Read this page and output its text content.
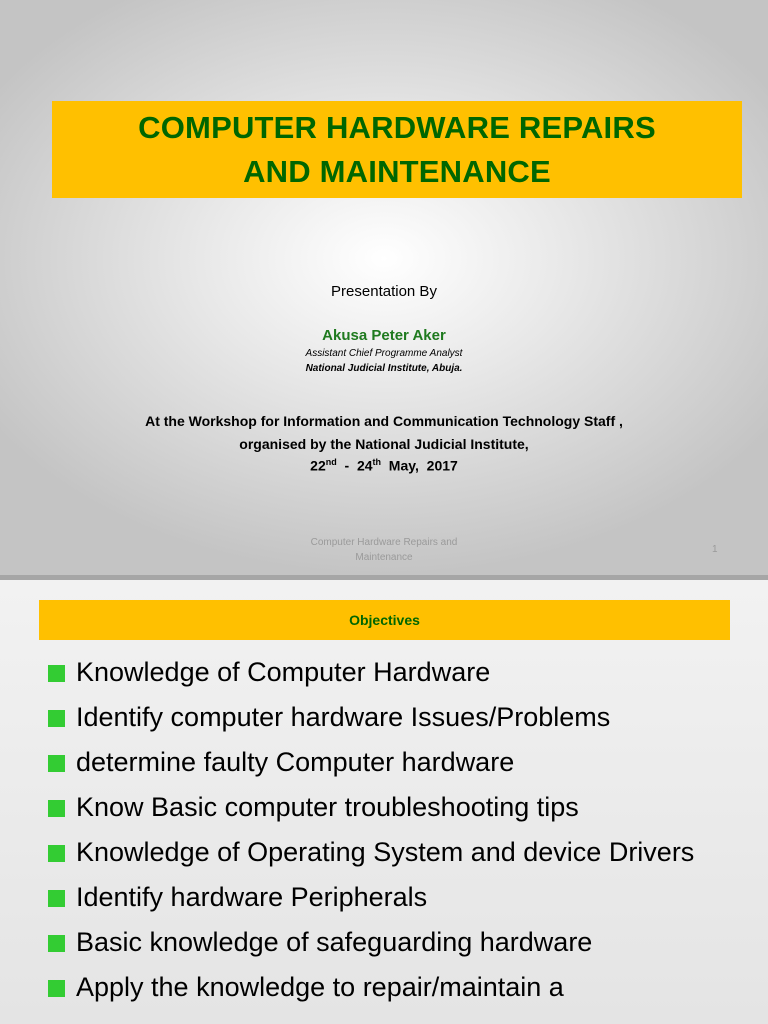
COMPUTER HARDWARE REPAIRS
AND MAINTENANCE
Presentation By
Akusa Peter Aker
Assistant Chief Programme Analyst
National Judicial Institute, Abuja.
At the Workshop for Information and Communication Technology Staff ,
organised by the National Judicial Institute,
22nd  -  24th  May,  2017
Computer Hardware Repairs and
Maintenance
1
Objectives
Knowledge of Computer Hardware
Identify computer hardware Issues/Problems
determine faulty Computer hardware
Know Basic computer troubleshooting tips
Knowledge of Operating System and device Drivers
Identify hardware Peripherals
Basic knowledge of safeguarding hardware
Apply the knowledge to repair/maintain a
